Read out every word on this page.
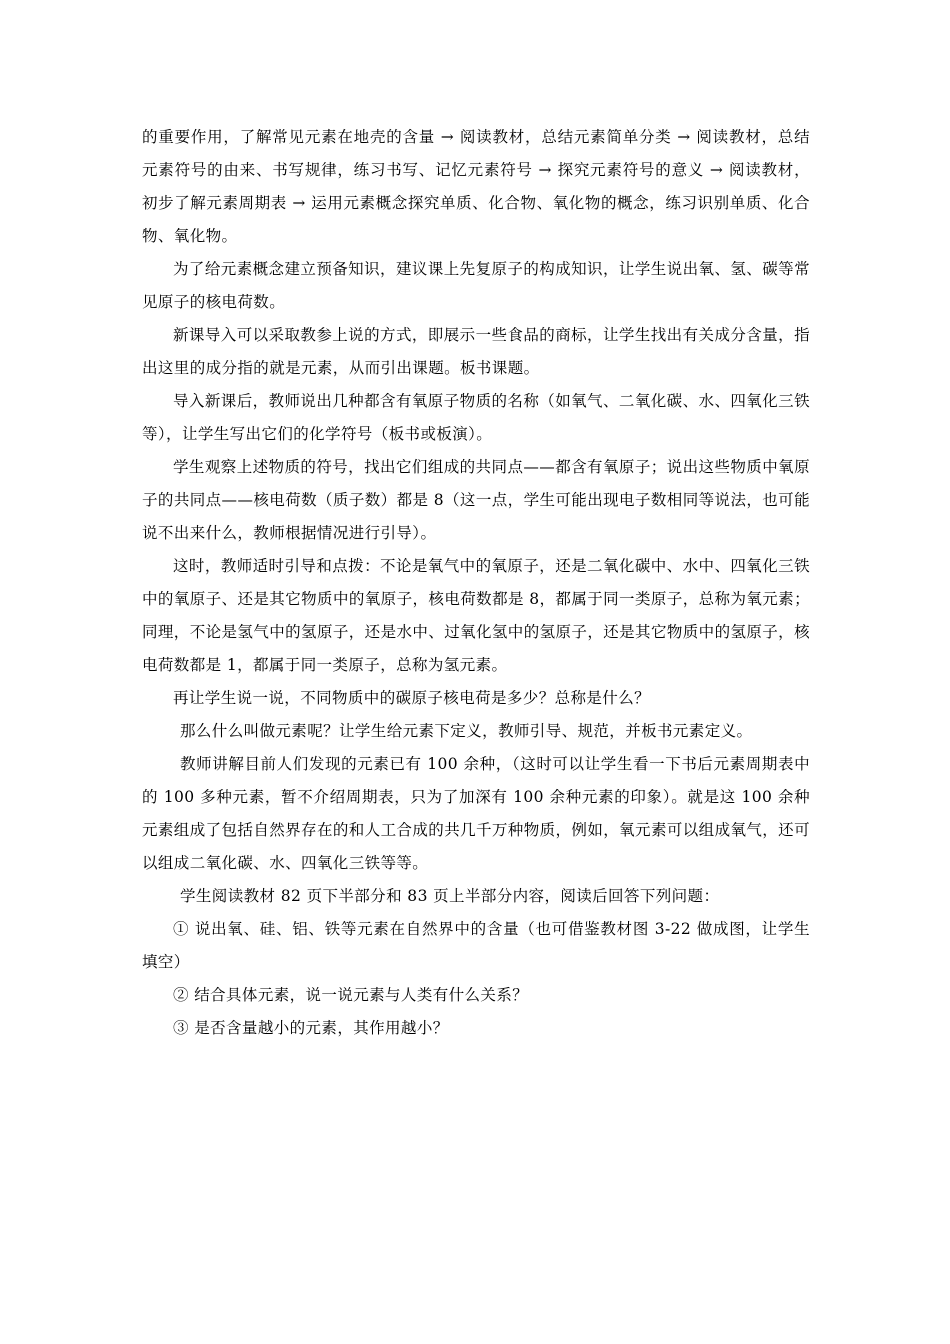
的重要作用，了解常见元素在地壳的含量 → 阅读教材，总结元素简单分类 → 阅读教材，总结元素符号的由来、书写规律，练习书写、记忆元素符号 → 探究元素符号的意义 → 阅读教材，初步了解元素周期表 → 运用元素概念探究单质、化合物、氧化物的概念，练习识别单质、化合物、氧化物。

为了给元素概念建立预备知识，建议课上先复原子的构成知识，让学生说出氧、氢、碳等常见原子的核电荷数。

新课导入可以采取教参上说的方式，即展示一些食品的商标，让学生找出有关成分含量，指出这里的成分指的就是元素，从而引出课题。板书课题。

导入新课后，教师说出几种都含有氧原子物质的名称（如氧气、二氧化碳、水、四氧化三铁等），让学生写出它们的化学符号（板书或板演）。

学生观察上述物质的符号，找出它们组成的共同点——都含有氧原子；说出这些物质中氧原子的共同点——核电荷数（质子数）都是 8（这一点，学生可能出现电子数相同等说法，也可能说不出来什么，教师根据情况进行引导）。

这时，教师适时引导和点拨：不论是氧气中的氧原子，还是二氧化碳中、水中、四氧化三铁中的氧原子、还是其它物质中的氧原子，核电荷数都是 8，都属于同一类原子，总称为氧元素；同理，不论是氢气中的氢原子，还是水中、过氧化氢中的氢原子，还是其它物质中的氢原子，核电荷数都是 1，都属于同一类原子，总称为氢元素。

再让学生说一说，不同物质中的碳原子核电荷是多少？总称是什么？

那么什么叫做元素呢？让学生给元素下定义，教师引导、规范，并板书元素定义。

教师讲解目前人们发现的元素已有 100 余种，（这时可以让学生看一下书后元素周期表中的 100 多种元素，暂不介绍周期表，只为了加深有 100 余种元素的印象）。就是这 100 余种元素组成了包括自然界存在的和人工合成的共几千万种物质，例如，氧元素可以组成氧气，还可以组成二氧化碳、水、四氧化三铁等等。

学生阅读教材 82 页下半部分和 83 页上半部分内容，阅读后回答下列问题：

① 说出氧、硅、铝、铁等元素在自然界中的含量（也可借鉴教材图 3-22 做成图，让学生填空）

② 结合具体元素，说一说元素与人类有什么关系？

③ 是否含量越小的元素，其作用越小？
